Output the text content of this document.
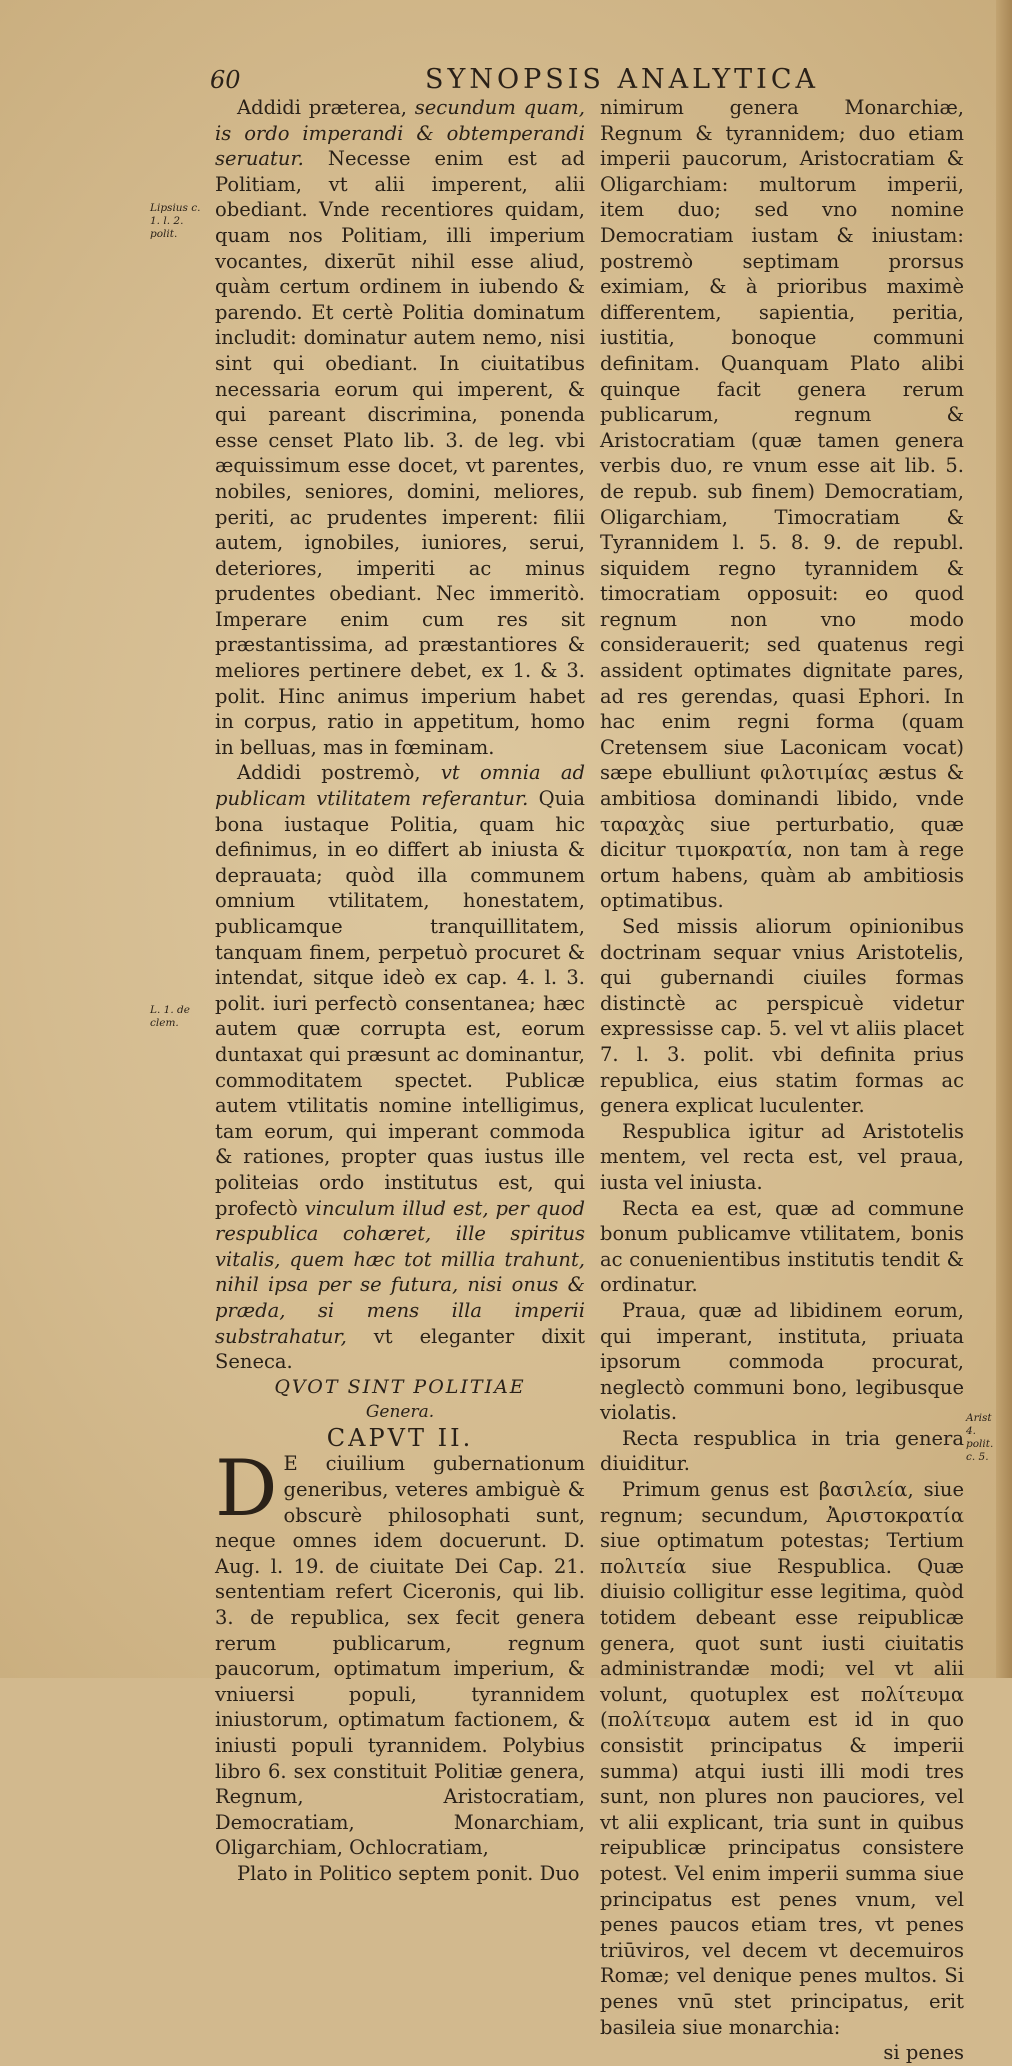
60	SYNOPSIS ANALYTICA
Lipsius c. 1. l. 2. polit.
L. 1. de clem.
Arist 4. polit. c. 5.

Addidi præterea, secundum quam, is ordo imperandi & obtemperandi seruatur. Necesse enim est ad Politiam, vt alii imperent, alii obediant. Vnde recentiores quidam, quam nos Politiam, illi imperium vocantes, dixerūt nihil esse aliud, quàm certum ordinem in iubendo & parendo. Et certè Politia dominatum includit: dominatur autem nemo, nisi sint qui obediant. In ciuitatibus necessaria eorum qui imperent, & qui pareant discrimina, ponenda esse censet Plato lib. 3. de leg. vbi æquissimum esse docet, vt parentes, nobiles, seniores, domini, meliores, periti, ac prudentes imperent: filii autem, ignobiles, iuniores, serui, deteriores, imperiti ac minus prudentes obediant. Nec immeritò. Imperare enim cum res sit præstantissima, ad præstantiores & meliores pertinere debet, ex 1. & 3. polit. Hinc animus imperium habet in corpus, ratio in appetitum, homo in belluas, mas in fœminam.

Addidi postremò, vt omnia ad publicam vtilitatem referantur. Quia bona iustaque Politia, quam hic definimus, in eo differt ab iniusta & deprauata; quòd illa communem omnium vtilitatem, honestatem, publicamque tranquillitatem, tanquam finem, perpetuò procuret & intendat, sitque ideò ex cap. 4. l. 3. polit. iuri perfectò consentanea; hæc autem quæ corrupta est, eorum duntaxat qui præsunt ac dominantur, commoditatem spectet. Publicæ autem vtilitatis nomine intelligimus, tam eorum, qui imperant commoda & rationes, propter quas iustus ille politeias ordo institutus est, qui profectò vinculum illud est, per quod respublica cohæret, ille spiritus vitalis, quem hæc tot millia trahunt, nihil ipsa per se futura, nisi onus & præda, si mens illa imperii substrahatur, vt eleganter dixit Seneca.

QVOT SINT POLITIAE

Genera.

CAPVT II.

D E ciuilium gubernationum generibus, veteres ambiguè & obscurè philosophati sunt, neque omnes idem docuerunt. D. Aug. l. 19. de ciuitate Dei Cap. 21. sententiam refert Ciceronis, qui lib. 3. de republica, sex fecit genera rerum publicarum, regnum paucorum, optimatum imperium, & vniuersi populi, tyrannidem iniustorum, optimatum factionem, & iniusti populi tyrannidem. Polybius libro 6. sex constituit Politiæ genera, Regnum, Aristocratiam, Democratiam, Monarchiam, Oligarchiam, Ochlocratiam,

Plato in Politico septem ponit. Duo

nimirum genera Monarchiæ, Regnum & tyrannidem; duo etiam imperii paucorum, Aristocratiam & Oligarchiam: multorum imperii, item duo; sed vno nomine Democratiam iustam & iniustam: postremò septimam prorsus eximiam, & à prioribus maximè differentem, sapientia, peritia, iustitia, bonoque communi definitam. Quanquam Plato alibi quinque facit genera rerum publicarum, regnum & Aristocratiam (quæ tamen genera verbis duo, re vnum esse ait lib. 5. de repub. sub finem) Democratiam, Oligarchiam, Timocratiam & Tyrannidem l. 5. 8. 9. de republ. siquidem regno tyrannidem & timocratiam opposuit: eo quod regnum non vno modo considerauerit; sed quatenus regi assident optimates dignitate pares, ad res gerendas, quasi Ephori. In hac enim regni forma (quam Cretensem siue Laconicam vocat) sæpe ebulliunt φιλοτιμίας æstus & ambitiosa dominandi libido, vnde ταραχὰς siue perturbatio, quæ dicitur τιμοκρατία, non tam à rege ortum habens, quàm ab ambitiosis optimatibus.

Sed missis aliorum opinionibus doctrinam sequar vnius Aristotelis, qui gubernandi ciuiles formas distinctè ac perspicuè videtur expressisse cap. 5. vel vt aliis placet 7. l. 3. polit. vbi definita prius republica, eius statim formas ac genera explicat luculenter.

Respublica igitur ad Aristotelis mentem, vel recta est, vel praua, iusta vel iniusta.

Recta ea est, quæ ad commune bonum publicamve vtilitatem, bonis ac conuenientibus institutis tendit & ordinatur.

Praua, quæ ad libidinem eorum, qui imperant, instituta, priuata ipsorum commoda procurat, neglectò communi bono, legibusque violatis.

Recta respublica in tria genera diuiditur.

Primum genus est βασιλεία, siue regnum; secundum, Ἀριστοκρατία siue optimatum potestas; Tertium πολιτεία siue Respublica. Quæ diuisio colligitur esse legitima, quòd totidem debeant esse reipublicæ genera, quot sunt iusti ciuitatis administrandæ modi; vel vt alii volunt, quotuplex est πολίτευμα (πολίτευμα autem est id in quo consistit principatus & imperii summa) atqui iusti illi modi tres sunt, non plures non pauciores, vel vt alii explicant, tria sunt in quibus reipublicæ principatus consistere potest. Vel enim imperii summa siue principatus est penes vnum, vel penes paucos etiam tres, vt penes triūviros, vel decem vt decemuiros Romæ; vel denique penes multos. Si penes vnū stet principatus, erit basileia siue monarchia:

si penes
